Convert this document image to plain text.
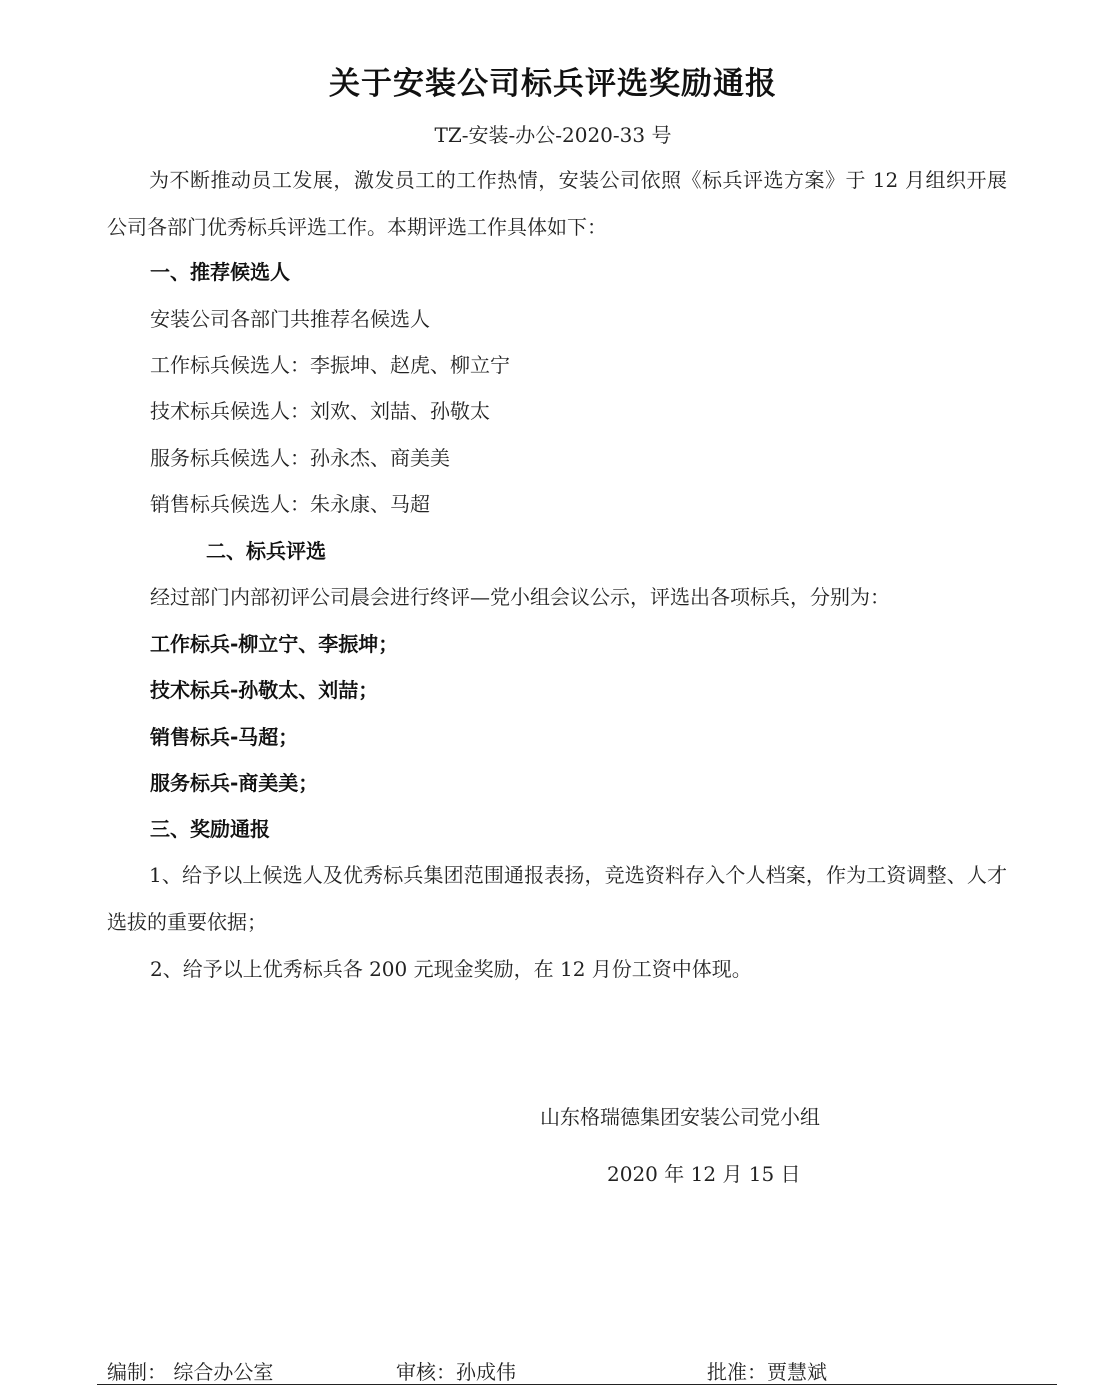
关于安装公司标兵评选奖励通报
TZ-安装-办公-2020-33 号

为不断推动员工发展，激发员工的工作热情，安装公司依照《标兵评选方案》于 12 月组织开展公司各部门优秀标兵评选工作。本期评选工作具体如下：

一、推荐候选人
安装公司各部门共推荐名候选人
工作标兵候选人：李振坤、赵虎、柳立宁
技术标兵候选人：刘欢、刘喆、孙敬太
服务标兵候选人：孙永杰、商美美
销售标兵候选人：朱永康、马超
二、标兵评选
经过部门内部初评公司晨会进行终评—党小组会议公示，评选出各项标兵，分别为：
工作标兵-柳立宁、李振坤；
技术标兵-孙敬太、刘喆；
销售标兵-马超；
服务标兵-商美美；
三、奖励通报

1、给予以上候选人及优秀标兵集团范围通报表扬，竞选资料存入个人档案，作为工资调整、人才选拔的重要依据；

2、给予以上优秀标兵各 200 元现金奖励，在 12 月份工资中体现。
山东格瑞德集团安装公司党小组
2020 年 12 月 15 日
编制： 综合办公室	审核：孙成伟	批准：贾慧斌
